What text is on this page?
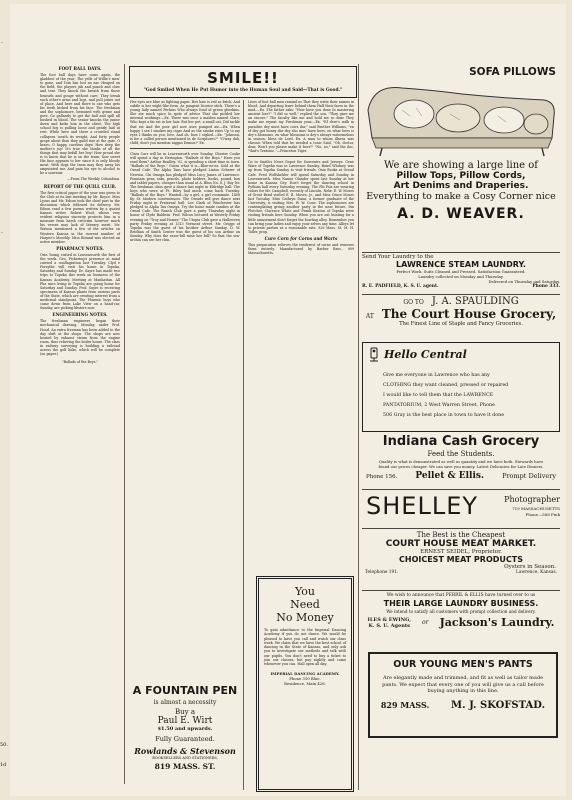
FOOT BALL DAYS.

The foot ball days have come again, the gladdest of the year; The yells of Willie's men' to gone, and Tom has lost an ear. Heaped on the field, the players jab and punch and claw and tear. They knock the breath from those beneath and gouge without care; They break each other's arms and legs, and pull joints out of place, And here and there is one who gets his teeth kicked from his face. The freshman and the sophomore, bemused with grime and gore, Go gallantly to get the ball and spill all hushed in blood. The senior knocks the junior down and kicks him in the chest; The high school boy is pulling loose and gently laid at rest. While here and there a crowded stand collapses 'neath its weight, And forty people grope about then they guild rise at the gate. O bravo, O happy, careless days! How deep the mother's joy! It's true she thinks of all the things that may befall her boy! How proud she is to know that he is on the team; how sweet His face appears to her since it is only bloody meat. With dogs the team may they away his amputated ear. And pain his eye to alcohol to be a souvenir.

—From The Weekly Columbian.

REPORT OF THE QUILL CLUB.

The first critical paper of the year was given to the Club at its last meeting by Mr. Royce. Miss Lyons and Mr. Edson took the chief part in the discussion which followed its delivery. Mr. Edson read a few poems written by a quaint Kansas writer, Robert Woof, whose very evident religious sincerity protects him in a measure from harsh criticism however much his verses may lack of literary merit. Mr. Watson mentioned a few of the articles on Western Kansas in the current number of Harper's Monthly. Miss Botand was elected an active member.

PHARMACY NOTES.

Orin Young visited in Leavenworth the first of the week. Geo. Pickering's presence at mind carried a conflagration last Tuesday. Clyd e Forsythe will visit his home in Topeka, Saturday and Sunday. Dr. Sayre has made two trips to Topeka this week on business of the Kansas Academy. Meeting at Manhattan. All Pha mics living in Topeka are going home for Saturday and Sunday. Prof. Sayre is receiving specimens of Kansas plants from various parts of the State, which are creating interest from a medicinal standpoint. The Pharmic boys who came down from Lake View on a hand-car, Sunday, are picking blisters now.

ENGINEERING NOTES.

The freshman engineers began their mechanical drawing, Monday, under Prof. Hood. An extra freeman has been added to the day shift at the shops. The shops are now heated by exhaust steam from the engine room, thus relieving the boiler house. The class in railway surveying is building a railroad across the golf links, which will be complete (on paper.)

"Ballads of the Boys."

SMILE!!
"God Smiled When He Put Humor into the Human Soul and Said—That is Good."

Her eyes are blue as lighting paper. Her hair is red as brick, And subtle is her wight-like form, As pungent licorice stick. There's a young lady named Perkins Who always fond of green gherkins. She ate much spice In spite of advice That she pickled her internal workings.—Ex. There was once a maiden named Clare, Who kept a fat rat in her hair. But her pet, a small cat, Did tackle that rat And the poor girl now uses pumped air.—Ex. When happy I see I smokes my cigar And as the smoke rises Up to my eyes I thinks on you, love, And oh, how I sighed.—Ex. "Johnson, is for a called person mentioned in de Scriptures?" "G'way dah, child; don't you mention niggas Demon!" Ex.

Clara Carr will be in Leavenworth over Sunday. Chester Cooke will spend a day in Herington. "Ballads of the Boys." Have you read them? Arthur Bradley, '02, is spending a short time in town. "Ballads of the Boys." Guess what it is—Blue-ee-ea. Sold at the Oread Cafe. The Alpha Taus have pledged Linton Scherer of Newton. Chi Omega has pledged Miss Lucy James of Lawrence. Fountain pens, inks, pencils, photo holders, books, pound, box and tablet papers, cheaper than usual at A. Bliss No. 8, J. Boy ler. The freshman class gave a dance last night in Eldridge hall. The boys who were at Pt. Riley had much come back Tuesday. "Ballads of the Boys." Wanted—by a girl, a girl roommate. 1408 Ky. St. Modern conveniences. The Oreads will give dance next Friday night in Fraternal hall. Lee Clark of Winchester has pledged to Alpha Tau Omega. Try the home made candies at the Oread Cafe. The Ranch Club gave a party Thursday night in honor of Clyde Baldwin. Prof. Wilcox lectured at Waverly Friday evening on "Troy and Homer." The Utopia Club gave a Halloween party Friday evening at 1313 Vermont street. Mr. Griggs of Topeka was the guest of his brother Arthur Sunday. D. W. Reidhan of Smith Center was the guest of his son Arthur on Sunday. Why does the razor-bill raise her bill? So that the sea-urchin can see her chin.

A FOUNTAIN PEN
is almost a necessity
Buy a
Paul E. Wirt
$1.50 and upwards.
Fully Guaranteed.
Rowlands & Stevenson
BOOKSELLERS AND STATIONERS,
819 MASS. ST.

Lives of foot ball men remind us That they write their names in blood, And departing leave behind them Half their faces in the mud.—Ex. The father asks: "How have you done In mastering ancient lore?" "I did so well," replied the son, "They gave me an encore." The faculty like me and hold me so dear They make me repeat my Freshman year.—Ex. "Ef dere's milk in paradise dey must have cows dar," said Brother Williams, "en ef dey got honey dar dey sho mus' have bees, en whar bees is dey's blossoms, en whar blossoms is dey's always watermelons in season, bless de Lord. Ex. A man to whom illness was chronic When told that he needed a tonic Said, "Oh, doctor, dear, Won't you please make it beer?" "No, no," said the doc, "that's Tentonic."—Princeton Tiger.

Go to Smith's News Depot for Souvenirs and Jerseys. Gene Ware of Topeka was in Lawrence Sunday. Baird Whitney was up from Topeka Sunday to visit friends. Oxia Books at Oread Cafe. Fred Wolfskehler will spend Saturday and Sunday in Leavenworth. Miss Nanne Olander spent last Sunday at her home in Kansas City. Don't forget the dancing school in Pythian hall every Saturday evening. The Phi Psis are wearing colors for Mr. Campbell, recently of Lincoln, Nebr. E. W. Moses of Great Bend visited E. R. Moses, Jr., and Miss Grace Moses last Tuesday. Miss Cathryn Dunn, a former graduate of the University, is visiting Mrs. W. W. Cone. The sophomores are contemplating giving another party in the near future. Dix Fletcher, Clarence White and Frank Keaton of Topeka were visiting friends here Sunday. When you are out hunting for a little amusement don't forget the bowling alley. Remember you can bring your ladies and enjoy your selves any time. Alleys let to private parties at a reasonable rate. 926 Mass. St. M. H. Toller, prop.

Cure Corn for Corns and Warts

This preparation relieves the tenderest of corns and removes them entirely. Manufactured by Barber Bros., 909 Massachusetts.

You
Need
No Money

To gain admittance to the Imperial Dancing Academy if you do not dance. We would be pleased to have you call and watch our class work. We claim that we have the best school of dancing in the State of Kansas, and only ask you to investigate our methods and talk with our pupils. You don't need to buy a ticket to join our classes, but pay nightly and come whenever you can. Hall open all day.

IMPERIAL DANCING ACADEMY.
Phone 310 Blue.
Residence, Main 426.
SOFA PILLOWS
We are showing a large line of
Pillow Tops, Pillow Cords,
Art Denims and Draperies.
Everything to make a Cosy Corner nice
A. D. WEAVER.
Send Your Laundry to the
LAWRENCE STEAM LAUNDRY.
Perfect Work. Suits Cleaned and Pressed. Satisfaction Guaranteed.
Laundry collected on Monday and Thursday.
Delivered on Thursday and Saturday.
R. E. PADFIELD, K. S. U. agent.	Phone 333.
GO TO J. A. SPAULDING
AT The Court House Grocery,
The Finest Line of Staple and Fancy Groceries.
Hello Central
Give me everyone in Lawrence who has any
CLOTHING they want cleaned, pressed or repaired
I would like to tell them that the LAWRENCE
PANTATORIUM, 2 West Warren Street, Phone
506 Gray is the best place in town to have it done
Indiana Cash Grocery
Feed the Students.
Quality is what is demonstrated as well as quantity and we have both. Stewards have found our prices cheaper. We can save you money. Latest Delicacies for Late Dinners.
Phone 156. Pellet & Ellis.	Prompt Delivery
SHELLEY	Photographer
719 MASSACHUSETTS
Phone—588 Pink
The Best is the Cheapest
COURT HOUSE MEAT MARKET.
ERNEST SEIDEL, Proprietor.
CHOICEST MEAT PRODUCTS
Oysters in Season.
Telephone 191.	Lawrence, Kansas.
We wish to announce that PERRIL & ELLIS have turned over to us
THEIR LARGE LAUNDRY BUSINESS.
We intend to satisfy all customers with prompt collection and delivery.
ILES & EWING,
K. S. U. Agents or Jackson's Laundry.
OUR YOUNG MEN'S PANTS
Are elegantly made and trimmed, and fit as well as tailor made pants. We expect that every one of you will give us a call before buying anything in this line.
829 MASS. M. J. SKOFSTAD.
-
-
50.
1d
